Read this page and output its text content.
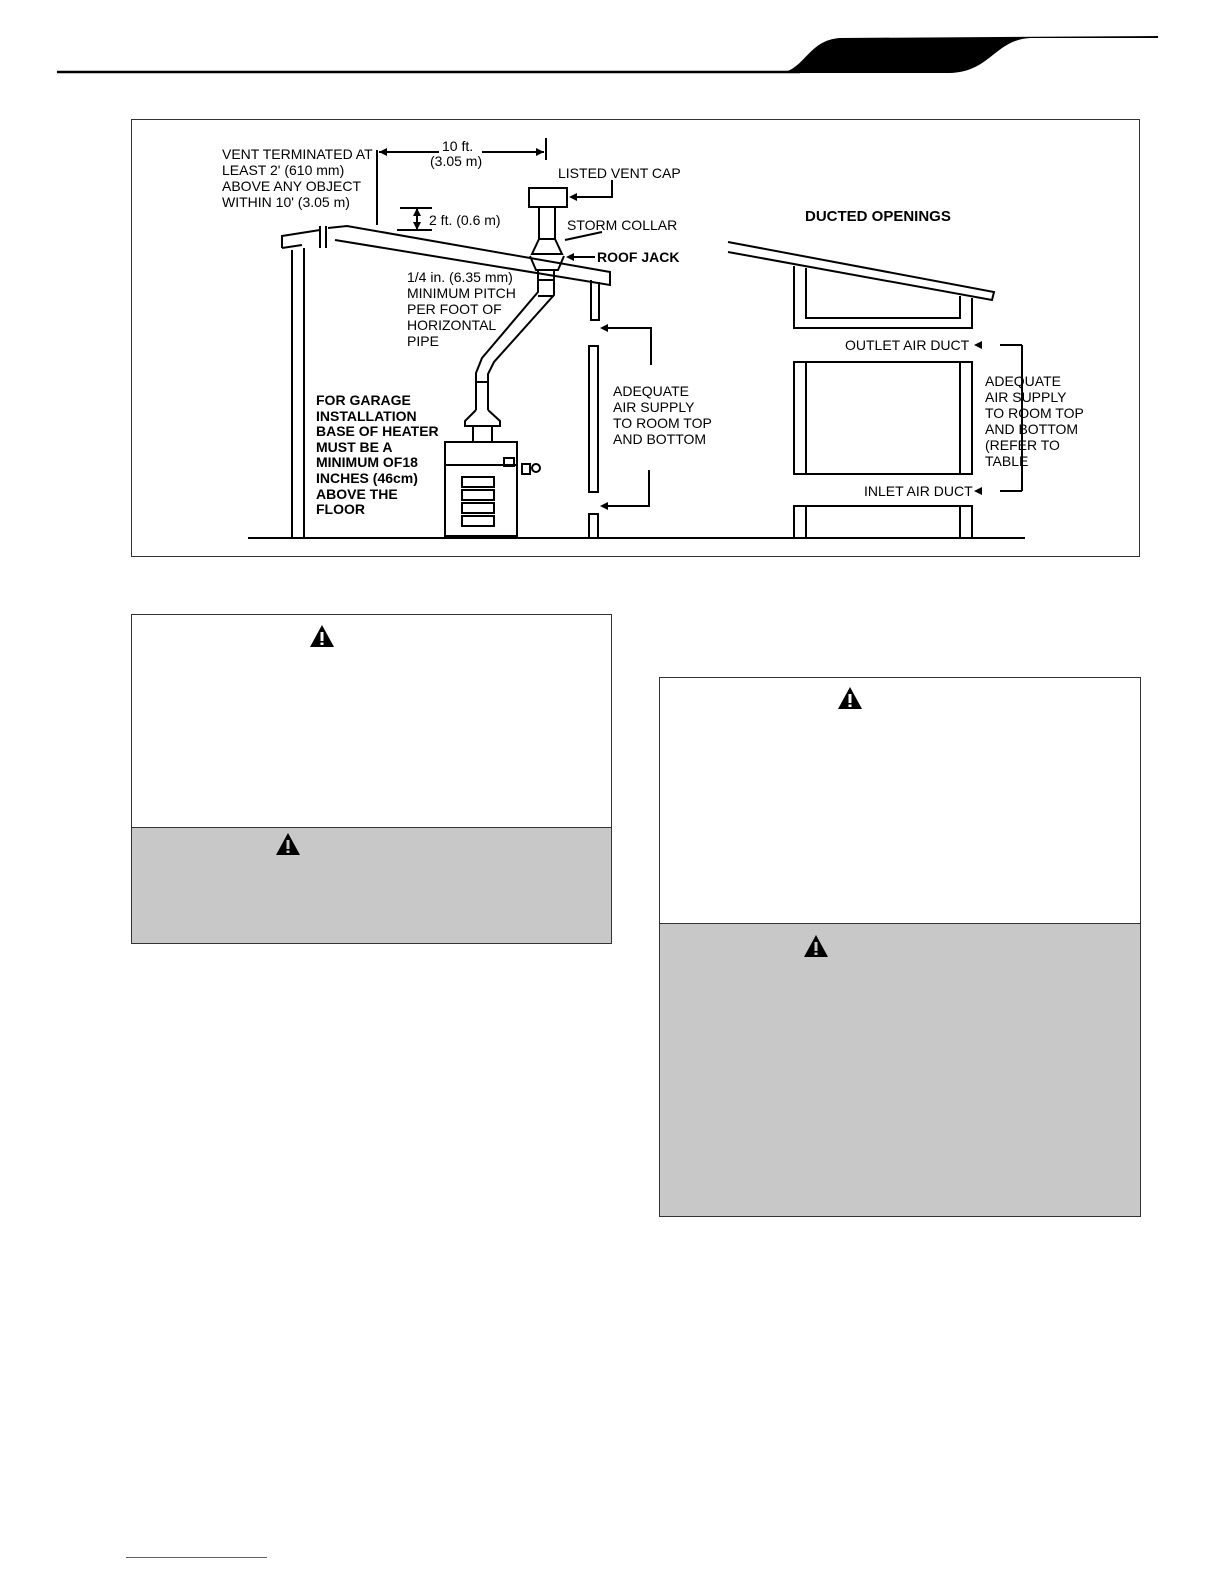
VENT TERMINATED AT
LEAST 2' (610 mm)
ABOVE ANY OBJECT
WITHIN 10' (3.05 m)
10 ft.
(3.05 m)
LISTED VENT CAP
2 ft. (0.6 m)	STORM COLLAR
ROOF JACK
1/4 in. (6.35 mm)
MINIMUM PITCH
PER FOOT OF
HORIZONTAL
PIPE
FOR GARAGE
INSTALLATION
BASE OF HEATER
MUST BE A
MINIMUM OF18
INCHES (46cm)
ABOVE THE
FLOOR
ADEQUATE
AIR SUPPLY
TO ROOM TOP
AND BOTTOM
DUCTED OPENINGS
OUTLET AIR DUCT
ADEQUATE
AIR SUPPLY
TO ROOM TOP
AND BOTTOM
(REFER TO
TABLE
INLET AIR DUCT
